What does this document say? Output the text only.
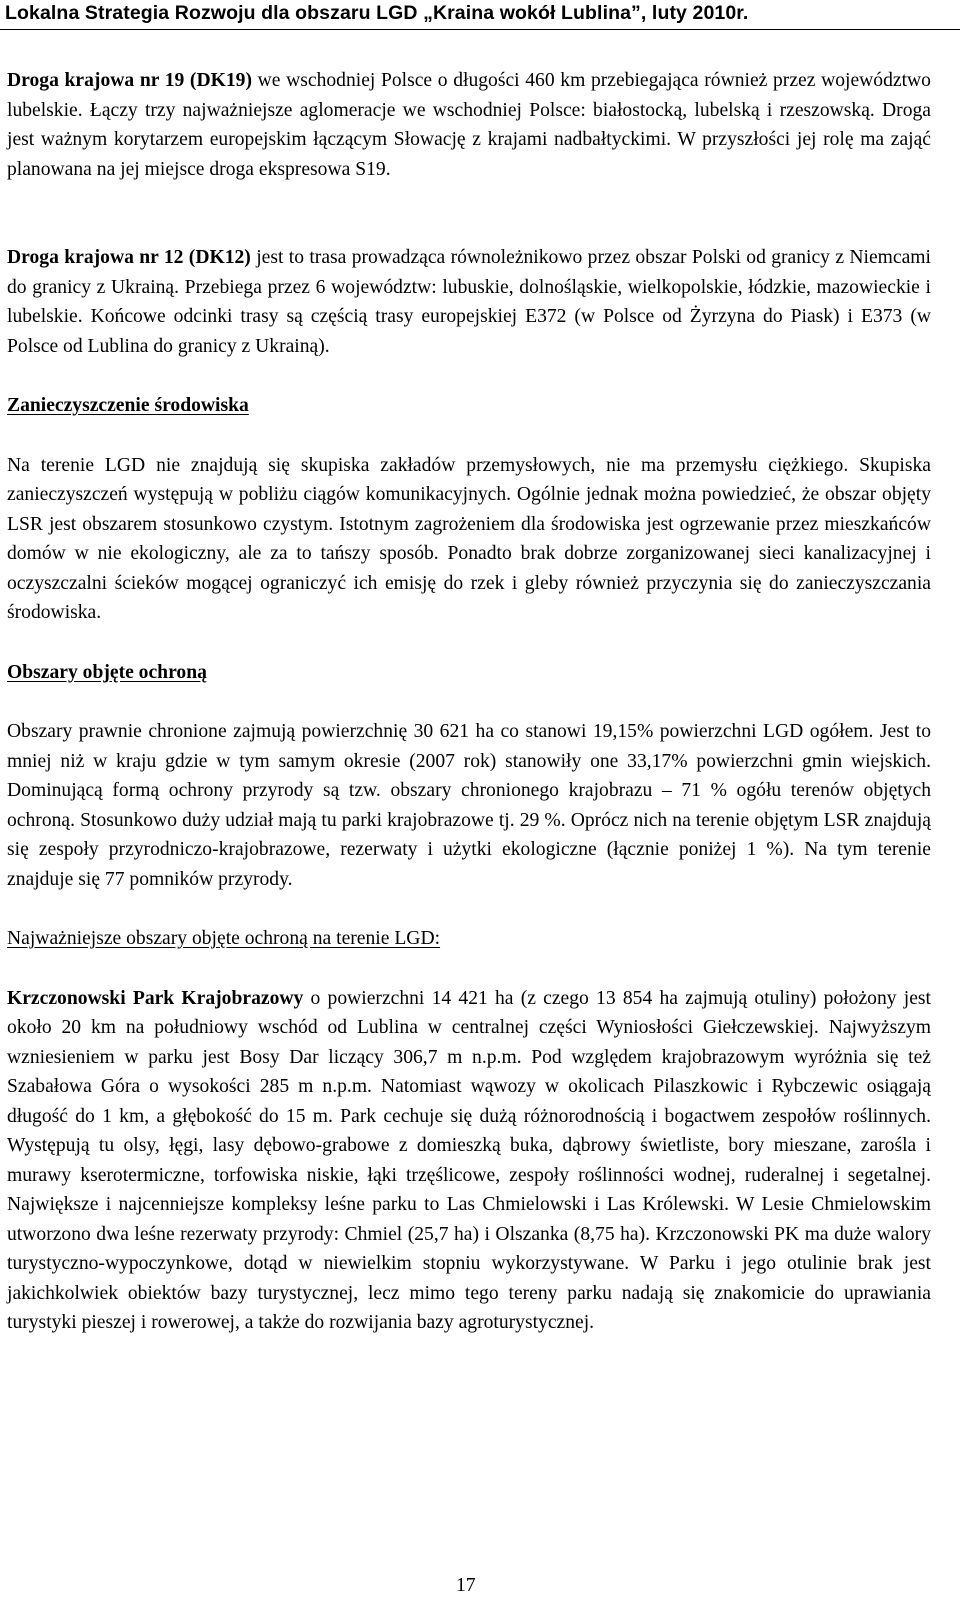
Lokalna Strategia Rozwoju dla obszaru LGD „Kraina wokół Lublina”, luty 2010r.

Droga krajowa nr 19 (DK19) we wschodniej Polsce o długości 460 km przebiegająca również przez województwo lubelskie. Łączy trzy najważniejsze aglomeracje we wschodniej Polsce: białostocką, lubelską i rzeszowską. Droga jest ważnym korytarzem europejskim łączącym Słowację z krajami nadbałtyckimi. W przyszłości jej rolę ma zająć planowana na jej miejsce droga ekspresowa S19.

Droga krajowa nr 12 (DK12) jest to trasa prowadząca równoleżnikowo przez obszar Polski od granicy z Niemcami do granicy z Ukrainą. Przebiega przez 6 województw: lubuskie, dolnośląskie, wielkopolskie, łódzkie, mazowieckie i lubelskie. Końcowe odcinki trasy są częścią trasy europejskiej E372 (w Polsce od Żyrzyna do Piask) i E373 (w Polsce od Lublina do granicy z Ukrainą).

Zanieczyszczenie środowiska

Na terenie LGD nie znajdują się skupiska zakładów przemysłowych, nie ma przemysłu ciężkiego. Skupiska zanieczyszczeń występują w pobliżu ciągów komunikacyjnych. Ogólnie jednak można powiedzieć, że obszar objęty LSR jest obszarem stosunkowo czystym. Istotnym zagrożeniem dla środowiska jest ogrzewanie przez mieszkańców domów w nie ekologiczny, ale za to tańszy sposób. Ponadto brak dobrze zorganizowanej sieci kanalizacyjnej i oczyszczalni ścieków mogącej ograniczyć ich emisję do rzek i gleby również przyczynia się do zanieczyszczania środowiska.

Obszary objęte ochroną

Obszary prawnie chronione zajmują powierzchnię 30 621 ha co stanowi 19,15% powierzchni LGD ogółem. Jest to mniej niż w kraju gdzie w tym samym okresie (2007 rok) stanowiły one 33,17% powierzchni gmin wiejskich. Dominującą formą ochrony przyrody są tzw. obszary chronionego krajobrazu – 71 % ogółu terenów objętych ochroną. Stosunkowo duży udział mają tu parki krajobrazowe tj. 29 %. Oprócz nich na terenie objętym LSR znajdują się zespoły przyrodniczo-krajobrazowe, rezerwaty i użytki ekologiczne (łącznie poniżej 1 %). Na tym terenie znajduje się 77 pomników przyrody.

Najważniejsze obszary objęte ochroną na terenie LGD:

Krzczonowski Park Krajobrazowy o powierzchni 14 421 ha (z czego 13 854 ha zajmują otuliny) położony jest około 20 km na południowy wschód od Lublina w centralnej części Wyniosłości Giełczewskiej. Najwyższym wzniesieniem w parku jest Bosy Dar liczący 306,7 m n.p.m. Pod względem krajobrazowym wyróżnia się też Szabałowa Góra o wysokości 285 m n.p.m. Natomiast wąwozy w okolicach Pilaszkowic i Rybczewic osiągają długość do 1 km, a głębokość do 15 m. Park cechuje się dużą różnorodnością i bogactwem zespołów roślinnych. Występują tu olsy, łęgi, lasy dębowo-grabowe z domieszką buka, dąbrowy świetliste, bory mieszane, zarośla i murawy kserotermiczne, torfowiska niskie, łąki trzęślicowe, zespoły roślinności wodnej, ruderalnej i segetalnej. Największe i najcenniejsze kompleksy leśne parku to Las Chmielowski i Las Królewski. W Lesie Chmielowskim utworzono dwa leśne rezerwaty przyrody: Chmiel (25,7 ha) i Olszanka (8,75 ha). Krzczonowski PK ma duże walory turystyczno-wypoczynkowe, dotąd w niewielkim stopniu wykorzystywane. W Parku i jego otulinie brak jest jakichkolwiek obiektów bazy turystycznej, lecz mimo tego tereny parku nadają się znakomicie do uprawiania turystyki pieszej i rowerowej, a także do rozwijania bazy agroturystycznej.

17
